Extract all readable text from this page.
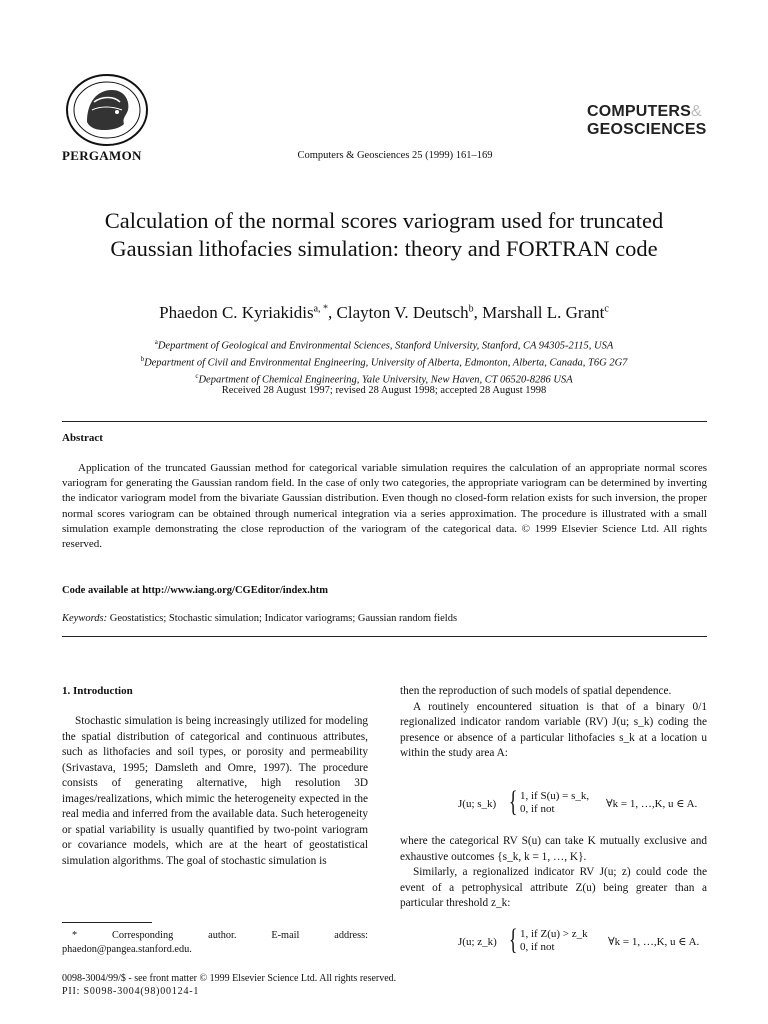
PERGAMON	Computers & Geosciences 25 (1999) 161–169
COMPUTERS&
GEOSCIENCES
Calculation of the normal scores variogram used for truncated Gaussian lithofacies simulation: theory and FORTRAN code
Phaedon C. Kyriakidis$^{a, *}$, Clayton V. Deutsch$^b$, Marshall L. Grant$^c$
$^a$Department of Geological and Environmental Sciences, Stanford University, Stanford, CA 94305-2115, USA
$^b$Department of Civil and Environmental Engineering, University of Alberta, Edmonton, Alberta, Canada, T6G 2G7
$^c$Department of Chemical Engineering, Yale University, New Haven, CT 06520-8286 USA
Received 28 August 1997; revised 28 August 1998; accepted 28 August 1998
Abstract
Application of the truncated Gaussian method for categorical variable simulation requires the calculation of an appropriate normal scores variogram for generating the Gaussian random field. In the case of only two categories, the appropriate variogram can be determined by inverting the indicator variogram model from the bivariate Gaussian distribution. Even though no closed-form relation exists for such inversion, the proper normal scores variogram can be obtained through numerical integration via a series approximation. The procedure is illustrated with a small simulation example demonstrating the close reproduction of the variogram of the categorical data. © 1999 Elsevier Science Ltd. All rights reserved.
Code available at http://www.iang.org/CGEditor/index.htm
Keywords: Geostatistics; Stochastic simulation; Indicator variograms; Gaussian random fields
1. Introduction

Stochastic simulation is being increasingly utilized for modeling the spatial distribution of categorical and continuous attributes, such as lithofacies and soil types, or porosity and permeability (Srivastava, 1995; Damsleth and Omre, 1997). The procedure consists of generating alternative, high resolution 3D images/realizations, which mimic the heterogeneity expected in the real media and inferred from the available data. Such heterogeneity or spatial variability is usually quantified by two-point variogram or covariance models, which are at the heart of geostatistical simulation algorithms. The goal of stochastic simulation is

then the reproduction of such models of spatial dependence.

A routinely encountered situation is that of a binary 0/1 regionalized indicator random variable (RV) J(u; s_k) coding the presence or absence of a particular lithofacies s_k at a location u within the study area A:

J(u; s_k) { 1, if S(u) = s_k,
0, if not	∀k = 1, …,K, u ∈ A.

where the categorical RV S(u) can take K mutually exclusive and exhaustive outcomes {s_k, k = 1, …, K}.

Similarly, a regionalized indicator RV J(u; z) could code the event of a petrophysical attribute Z(u) being greater than a particular threshold z_k:

J(u; z_k) { 1, if Z(u) > z_k
0, if not	∀k = 1, …,K, u ∈ A.
* Corresponding author. E-mail address: phaedon@pangea.stanford.edu.
0098-3004/99/$ - see front matter © 1999 Elsevier Science Ltd. All rights reserved.
PII: S0098-3004(98)00124-1
